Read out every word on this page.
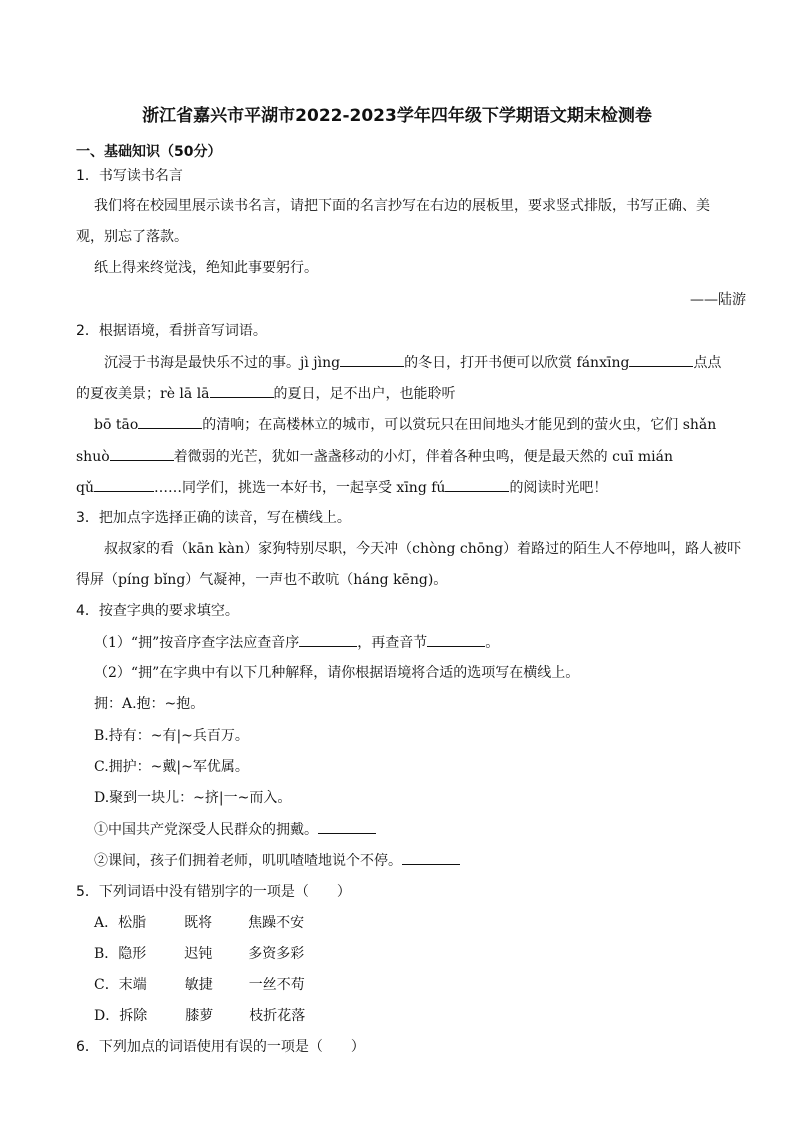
浙江省嘉兴市平湖市2022-2023学年四年级下学期语文期末检测卷
一、基础知识（50分）
1．书写读书名言
我们将在校园里展示读书名言，请把下面的名言抄写在右边的展板里，要求竖式排版，书写正确、美
观，别忘了落款。
纸上得来终觉浅，绝知此事要躬行。
——陆游
2．根据语境，看拼音写词语。
沉浸于书海是最快乐不过的事。jì jìng	的冬日，打开书便可以欣赏 fánxīng	点点
的夏夜美景；rè lā lā	的夏日，足不出户，也能聆听
bō tāo	的清响；在高楼林立的城市，可以赏玩只在田间地头才能见到的萤火虫，它们 shǎn
shuò	着微弱的光芒，犹如一盏盏移动的小灯，伴着各种虫鸣，便是最天然的 cuī mián
qǔ	……同学们，挑选一本好书，一起享受 xīng fú	的阅读时光吧！
3．把加点字选择正确的读音，写在横线上。
叔叔家的看（kān kàn）家狗特别尽职，今天冲（chòng chōng）着路过的陌生人不停地叫，路人被吓
得屏（píng bǐng）气凝神，一声也不敢吭（háng kēng)。
4．按查字典的要求填空。
（1）“拥”按音序查字法应查音序	，再查音节	。
（2）“拥”在字典中有以下几种解释，请你根据语境将合适的选项写在横线上。
拥：A.抱：~抱。
B.持有：~有|~兵百万。
C.拥护：~戴|~军优属。
D.聚到一块儿：~挤|一~而入。
①中国共产党深受人民群众的拥戴。
②课间，孩子们拥着老师，叽叽喳喳地说个不停。
5．下列词语中没有错别字的一项是（　　）
A．松脂	既将	焦躁不安
B．隐形	迟钝	多资多彩
C．末端	敏捷	一丝不苟
D．拆除	膝萝	枝折花落
6．下列加点的词语使用有误的一项是（　　）
